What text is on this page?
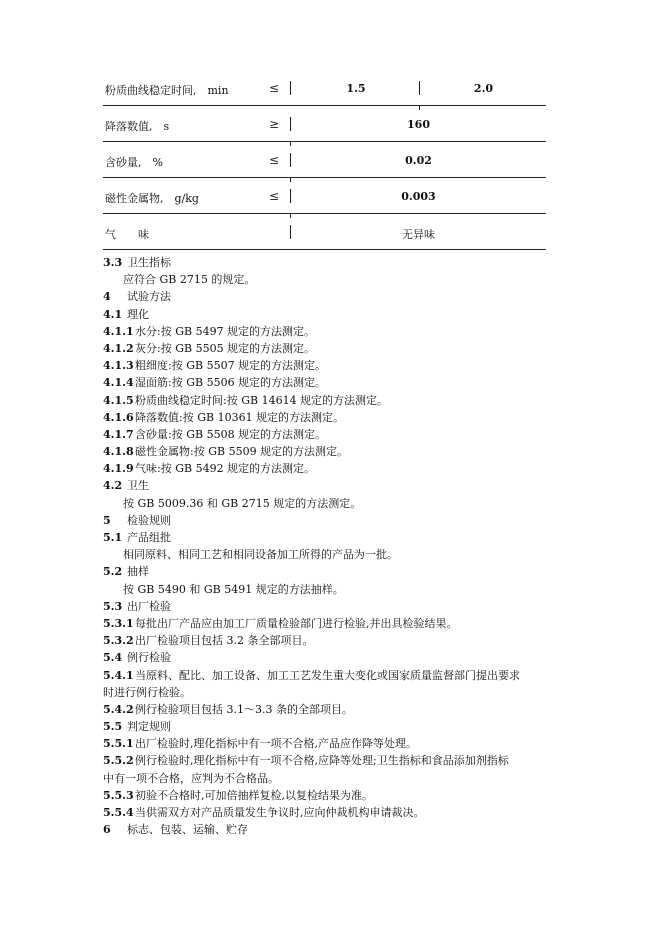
粉质曲线稳定时间,　min	≤	1.5	2.0
降落数值,　s	≥	160
含砂量,　%	≤	0.02
磁性金属物,　g/kg	≤	0.003
气　　味	无异味
3.3 卫生指标
应符合 GB 2715 的规定。
4 试验方法
4.1 理化
4.1.1水分:按 GB 5497 规定的方法测定。
4.1.2灰分:按 GB 5505 规定的方法测定。
4.1.3粗细度:按 GB 5507 规定的方法测定。
4.1.4湿面筋:按 GB 5506 规定的方法测定。
4.1.5粉质曲线稳定时间:按 GB 14614 规定的方法测定。
4.1.6降落数值:按 GB 10361 规定的方法测定。
4.1.7含砂量:按 GB 5508 规定的方法测定。
4.1.8磁性金属物:按 GB 5509 规定的方法测定。
4.1.9气味:按 GB 5492 规定的方法测定。
4.2 卫生
按 GB 5009.36 和 GB 2715 规定的方法测定。
5 检验规则
5.1 产品组批
相同原料、相同工艺和相同设备加工所得的产品为一批。
5.2 抽样
按 GB 5490 和 GB 5491 规定的方法抽样。
5.3 出厂检验
5.3.1每批出厂产品应由加工厂质量检验部门进行检验,并出具检验结果。
5.3.2出厂检验项目包括 3.2 条全部项目。
5.4 例行检验
5.4.1当原料、配比、加工设备、加工工艺发生重大变化或国家质量监督部门提出要求
时进行例行检验。
5.4.2例行检验项目包括 3.1～3.3 条的全部项目。
5.5 判定规则
5.5.1出厂检验时,理化指标中有一项不合格,产品应作降等处理。
5.5.2例行检验时,理化指标中有一项不合格,应降等处理;卫生指标和食品添加剂指标
中有一项不合格，应判为不合格品。
5.5.3初验不合格时,可加倍抽样复检,以复检结果为准。
5.5.4当供需双方对产品质量发生争议时,应向仲裁机构申请裁决。
6 标志、包装、运输、贮存
